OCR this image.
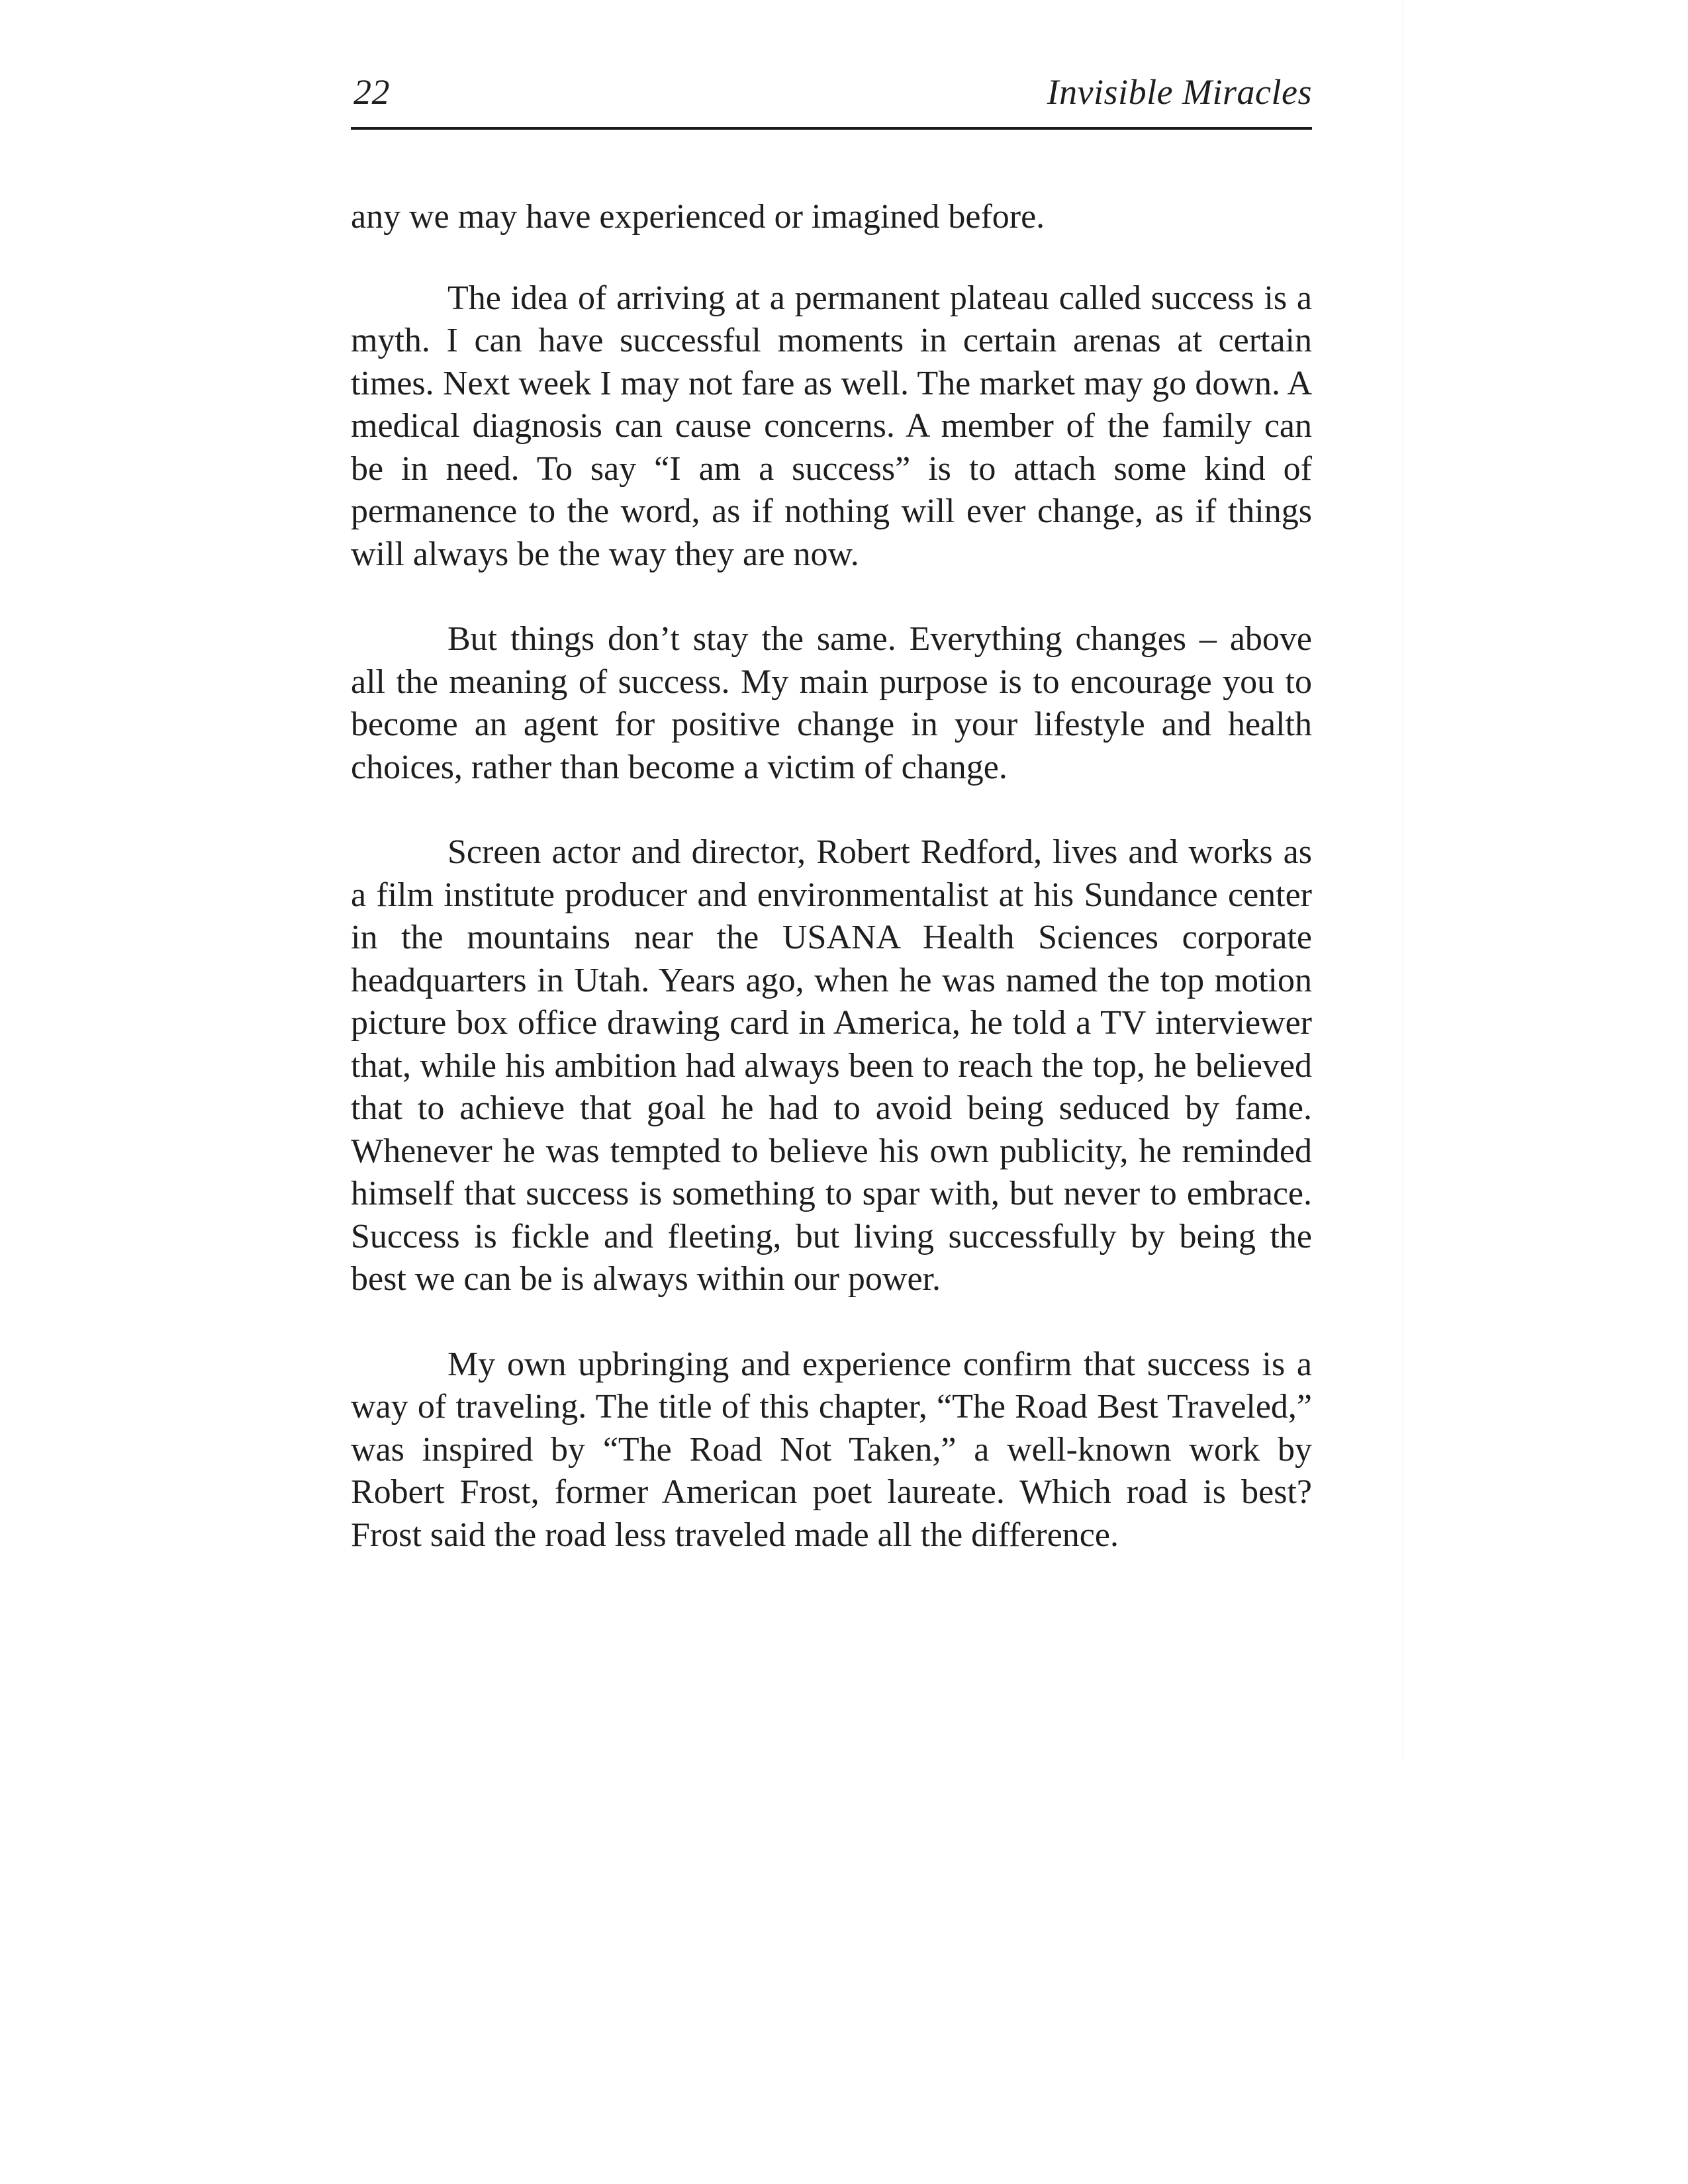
22	Invisible Miracles

any we may have experienced or imagined before.

The idea of arriving at a permanent plateau called success is a myth. I can have successful moments in certain arenas at certain times. Next week I may not fare as well. The market may go down. A medical diagnosis can cause concerns. A member of the family can be in need. To say “I am a success” is to attach some kind of permanence to the word, as if nothing will ever change, as if things will always be the way they are now.

But things don’t stay the same. Everything changes – above all the meaning of success. My main purpose is to encourage you to become an agent for positive change in your lifestyle and health choices, rather than become a victim of change.

Screen actor and director, Robert Redford, lives and works as a film institute producer and environmentalist at his Sundance center in the mountains near the USANA Health Sciences corporate headquarters in Utah. Years ago, when he was named the top motion picture box office drawing card in America, he told a TV interviewer that, while his ambition had always been to reach the top, he believed that to achieve that goal he had to avoid being seduced by fame. Whenever he was tempted to believe his own publicity, he reminded himself that success is something to spar with, but never to embrace. Success is fickle and fleeting, but living successfully by being the best we can be is always within our power.

My own upbringing and experience confirm that success is a way of traveling. The title of this chapter, “The Road Best Traveled,” was inspired by “The Road Not Taken,” a well-known work by Robert Frost, former American poet laureate. Which road is best? Frost said the road less traveled made all the difference.
